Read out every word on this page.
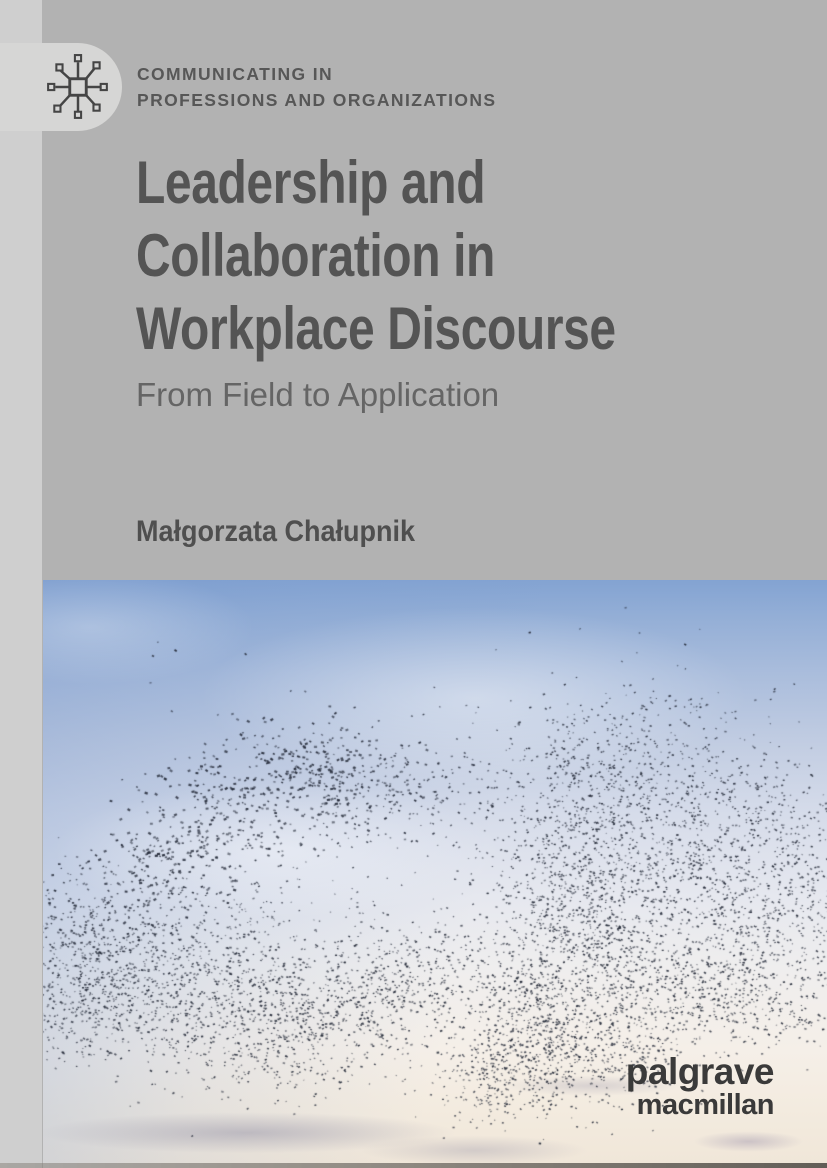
COMMUNICATING IN
PROFESSIONS AND ORGANIZATIONS
Leadership and
Collaboration in
Workplace Discourse
From Field to Application
Małgorzata Chałupnik
palgrave
macmillan
